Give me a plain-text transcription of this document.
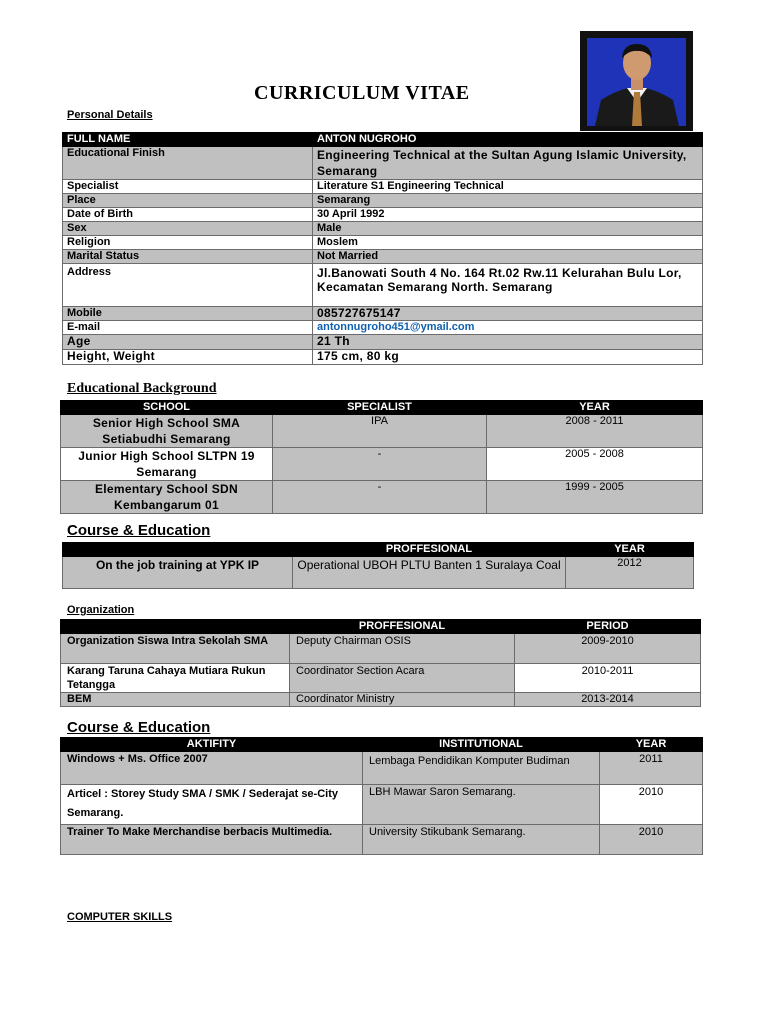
CURRICULUM VITAE
Personal Details
FULL NAME	ANTON NUGROHO
Educational Finish	Engineering Technical at the Sultan Agung Islamic University, Semarang
Specialist	Literature S1 Engineering Technical
Place	Semarang
Date of Birth	30 April 1992
Sex	Male
Religion	Moslem
Marital Status	Not Married
Address	Jl.Banowati South 4 No. 164 Rt.02 Rw.11 Kelurahan Bulu Lor, Kecamatan Semarang North. Semarang
Mobile	085727675147
E-mail	antonnugroho451@ymail.com
Age	21 Th
Height, Weight	175 cm, 80 kg
Educational Background
SCHOOL	SPECIALIST	YEAR
Senior High School SMA Setiabudhi Semarang	IPA	2008 - 2011
Junior High School SLTPN 19 Semarang	-	2005 - 2008
Elementary School SDN Kembangarum 01	-	1999 - 2005
Course & Education
	PROFFESIONAL	YEAR
On the job training at YPK IP	Operational UBOH PLTU Banten 1 Suralaya Coal	2012
Organization
	PROFFESIONAL	PERIOD
Organization Siswa Intra Sekolah SMA	Deputy Chairman OSIS	2009-2010
Karang Taruna Cahaya Mutiara Rukun Tetangga	Coordinator Section Acara	2010-2011
BEM	Coordinator Ministry	2013-2014
Course & Education
AKTIFITY	INSTITUTIONAL	YEAR
Windows + Ms. Office 2007	Lembaga Pendidikan Komputer Budiman	2011
Articel : Storey Study SMA / SMK / Sederajat se-City Semarang.	LBH Mawar Saron Semarang.	2010
Trainer To Make Merchandise berbacis Multimedia.	University Stikubank Semarang.	2010
COMPUTER SKILLS
